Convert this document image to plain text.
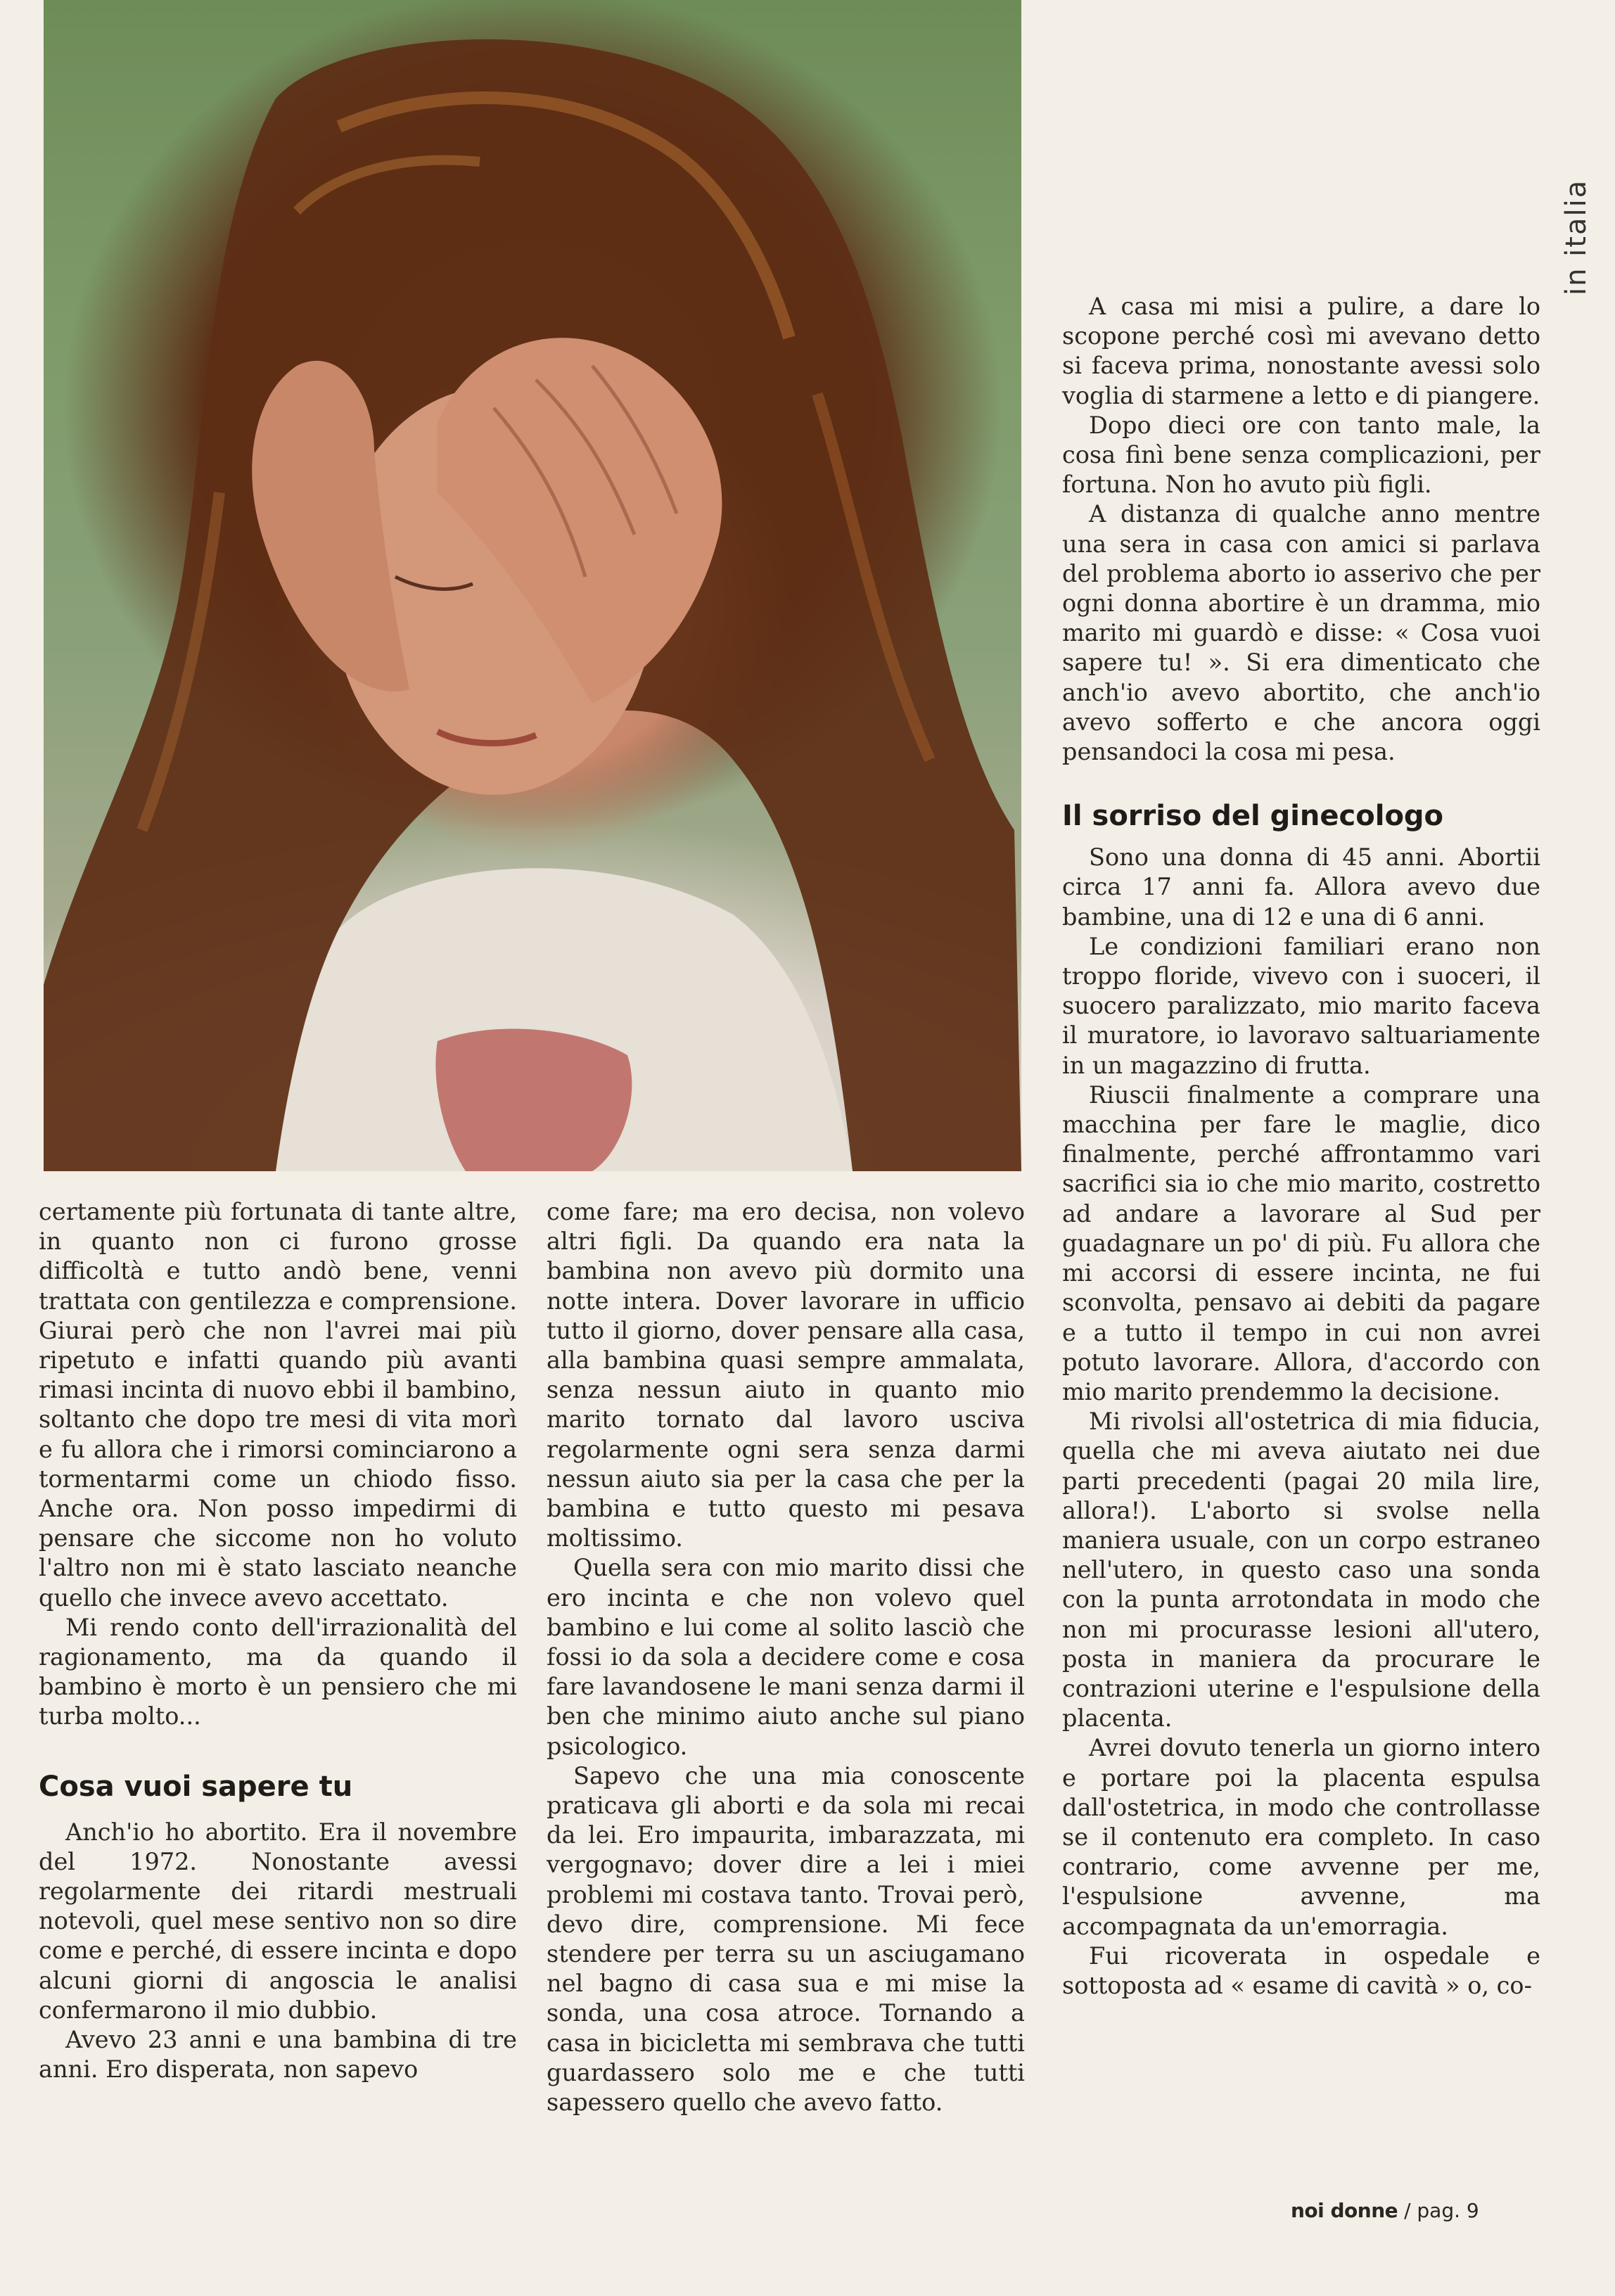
in italia

certamente più fortunata di tante altre, in quanto non ci furono grosse difficoltà e tutto andò bene, venni trattata con gentilezza e comprensione. Giurai però che non l'avrei mai più ripetuto e infatti quando più avanti rimasi incinta di nuovo ebbi il bambino, soltanto che dopo tre mesi di vita morì e fu allora che i rimorsi cominciarono a tormentarmi come un chiodo fisso. Anche ora. Non posso impedirmi di pensare che siccome non ho voluto l'altro non mi è stato lasciato neanche quello che invece avevo accettato.

Mi rendo conto dell'irrazionalità del ragionamento, ma da quando il bambino è morto è un pensiero che mi turba molto...

Cosa vuoi sapere tu

Anch'io ho abortito. Era il novembre del 1972. Nonostante avessi regolarmente dei ritardi mestruali notevoli, quel mese sentivo non so dire come e perché, di essere incinta e dopo alcuni giorni di angoscia le analisi confermarono il mio dubbio.

Avevo 23 anni e una bambina di tre anni. Ero disperata, non sapevo

come fare; ma ero decisa, non volevo altri figli. Da quando era nata la bambina non avevo più dormito una notte intera. Dover lavorare in ufficio tutto il giorno, dover pensare alla casa, alla bambina quasi sempre ammalata, senza nessun aiuto in quanto mio marito tornato dal lavoro usciva regolarmente ogni sera senza darmi nessun aiuto sia per la casa che per la bambina e tutto questo mi pesava moltissimo.

Quella sera con mio marito dissi che ero incinta e che non volevo quel bambino e lui come al solito lasciò che fossi io da sola a decidere come e cosa fare lavandosene le mani senza darmi il ben che minimo aiuto anche sul piano psicologico.

Sapevo che una mia conoscente praticava gli aborti e da sola mi recai da lei. Ero impaurita, imbarazzata, mi vergognavo; dover dire a lei i miei problemi mi costava tanto. Trovai però, devo dire, comprensione. Mi fece stendere per terra su un asciugamano nel bagno di casa sua e mi mise la sonda, una cosa atroce. Tornando a casa in bicicletta mi sembrava che tutti guardassero solo me e che tutti sapessero quello che avevo fatto.

A casa mi misi a pulire, a dare lo scopone perché così mi avevano detto si faceva prima, nonostante avessi solo voglia di starmene a letto e di piangere.

Dopo dieci ore con tanto male, la cosa finì bene senza complicazioni, per fortuna. Non ho avuto più figli.

A distanza di qualche anno mentre una sera in casa con amici si parlava del problema aborto io asserivo che per ogni donna abortire è un dramma, mio marito mi guardò e disse: « Cosa vuoi sapere tu! ». Si era dimenticato che anch'io avevo abortito, che anch'io avevo sofferto e che ancora oggi pensandoci la cosa mi pesa.

Il sorriso del ginecologo

Sono una donna di 45 anni. Abortii circa 17 anni fa. Allora avevo due bambine, una di 12 e una di 6 anni.

Le condizioni familiari erano non troppo floride, vivevo con i suoceri, il suocero paralizzato, mio marito faceva il muratore, io lavoravo saltuariamente in un magazzino di frutta.

Riuscii finalmente a comprare una macchina per fare le maglie, dico finalmente, perché affrontammo vari sacrifici sia io che mio marito, costretto ad andare a lavorare al Sud per guadagnare un po' di più. Fu allora che mi accorsi di essere incinta, ne fui sconvolta, pensavo ai debiti da pagare e a tutto il tempo in cui non avrei potuto lavorare. Allora, d'accordo con mio marito prendemmo la decisione.

Mi rivolsi all'ostetrica di mia fiducia, quella che mi aveva aiutato nei due parti precedenti (pagai 20 mila lire, allora!). L'aborto si svolse nella maniera usuale, con un corpo estraneo nell'utero, in questo caso una sonda con la punta arrotondata in modo che non mi procurasse lesioni all'utero, posta in maniera da procurare le contrazioni uterine e l'espulsione della placenta.

Avrei dovuto tenerla un giorno intero e portare poi la placenta espulsa dall'ostetrica, in modo che controllasse se il contenuto era completo. In caso contrario, come avvenne per me, l'espulsione avvenne, ma accompagnata da un'emorragia.

Fui ricoverata in ospedale e sottoposta ad « esame di cavità » o, co-

noi donne / pag. 9
